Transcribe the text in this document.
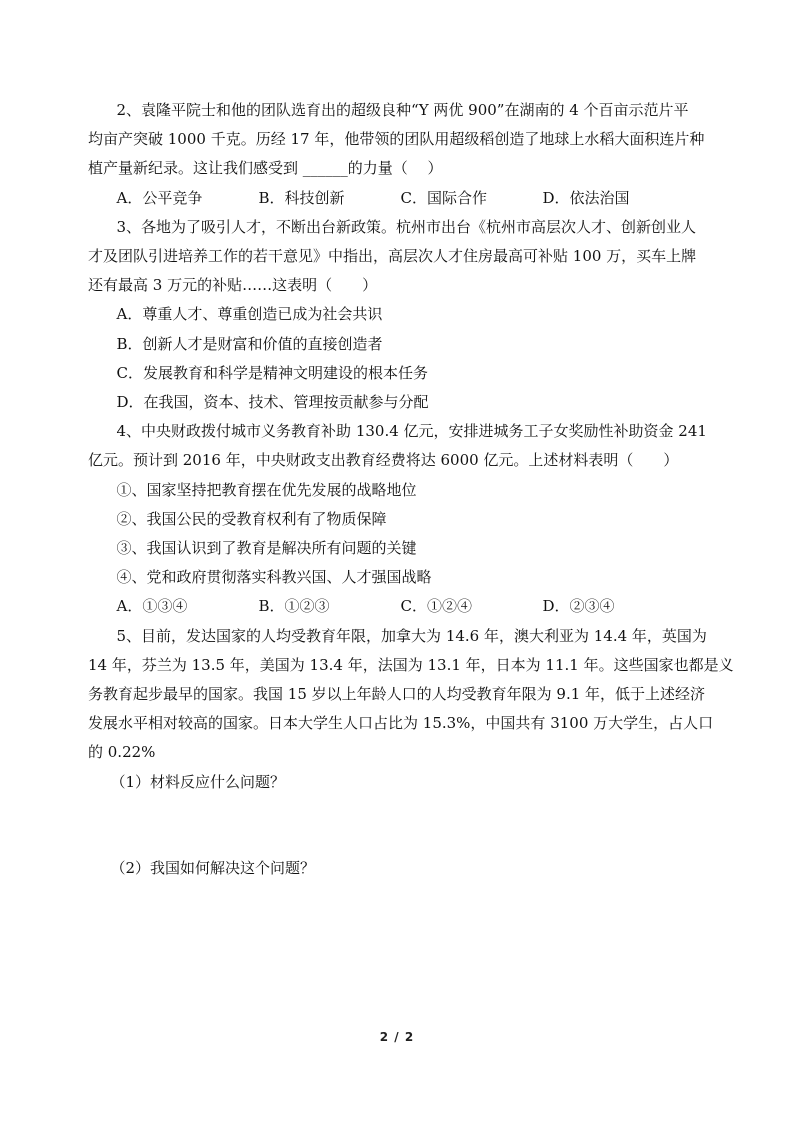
2、袁隆平院士和他的团队选育出的超级良种“Y 两优 900”在湖南的 4 个百亩示范片平
均亩产突破 1000 千克。历经 17 年，他带领的团队用超级稻创造了地球上水稻大面积连片种
植产量新纪录。这让我们感受到 ______的力量（　 ）
A．公平竞争	B．科技创新	C．国际合作	D．依法治国
3、各地为了吸引人才，不断出台新政策。杭州市出台《杭州市高层次人才、创新创业人
才及团队引进培养工作的若干意见》中指出，高层次人才住房最高可补贴 100 万，买车上牌
还有最高 3 万元的补贴……这表明（　　）
A．尊重人才、尊重创造已成为社会共识
B．创新人才是财富和价值的直接创造者
C．发展教育和科学是精神文明建设的根本任务
D．在我国，资本、技术、管理按贡献参与分配
4、中央财政拨付城市义务教育补助 130.4 亿元，安排进城务工子女奖励性补助资金 241
亿元。预计到 2016 年，中央财政支出教育经费将达 6000 亿元。上述材料表明（　　）
①、国家坚持把教育摆在优先发展的战略地位
②、我国公民的受教育权利有了物质保障
③、我国认识到了教育是解决所有问题的关键
④、党和政府贯彻落实科教兴国、人才强国战略
A．①③④	B．①②③	C．①②④	D．②③④
5、目前，发达国家的人均受教育年限，加拿大为 14.6 年，澳大利亚为 14.4 年，英国为
14 年，芬兰为 13.5 年，美国为 13.4 年，法国为 13.1 年，日本为 11.1 年。这些国家也都是义
务教育起步最早的国家。我国 15 岁以上年龄人口的人均受教育年限为 9.1 年，低于上述经济
发展水平相对较高的国家。日本大学生人口占比为 15.3%，中国共有 3100 万大学生，占人口
的 0.22%
（1）材料反应什么问题？
（2）我国如何解决这个问题？
2 / 2
